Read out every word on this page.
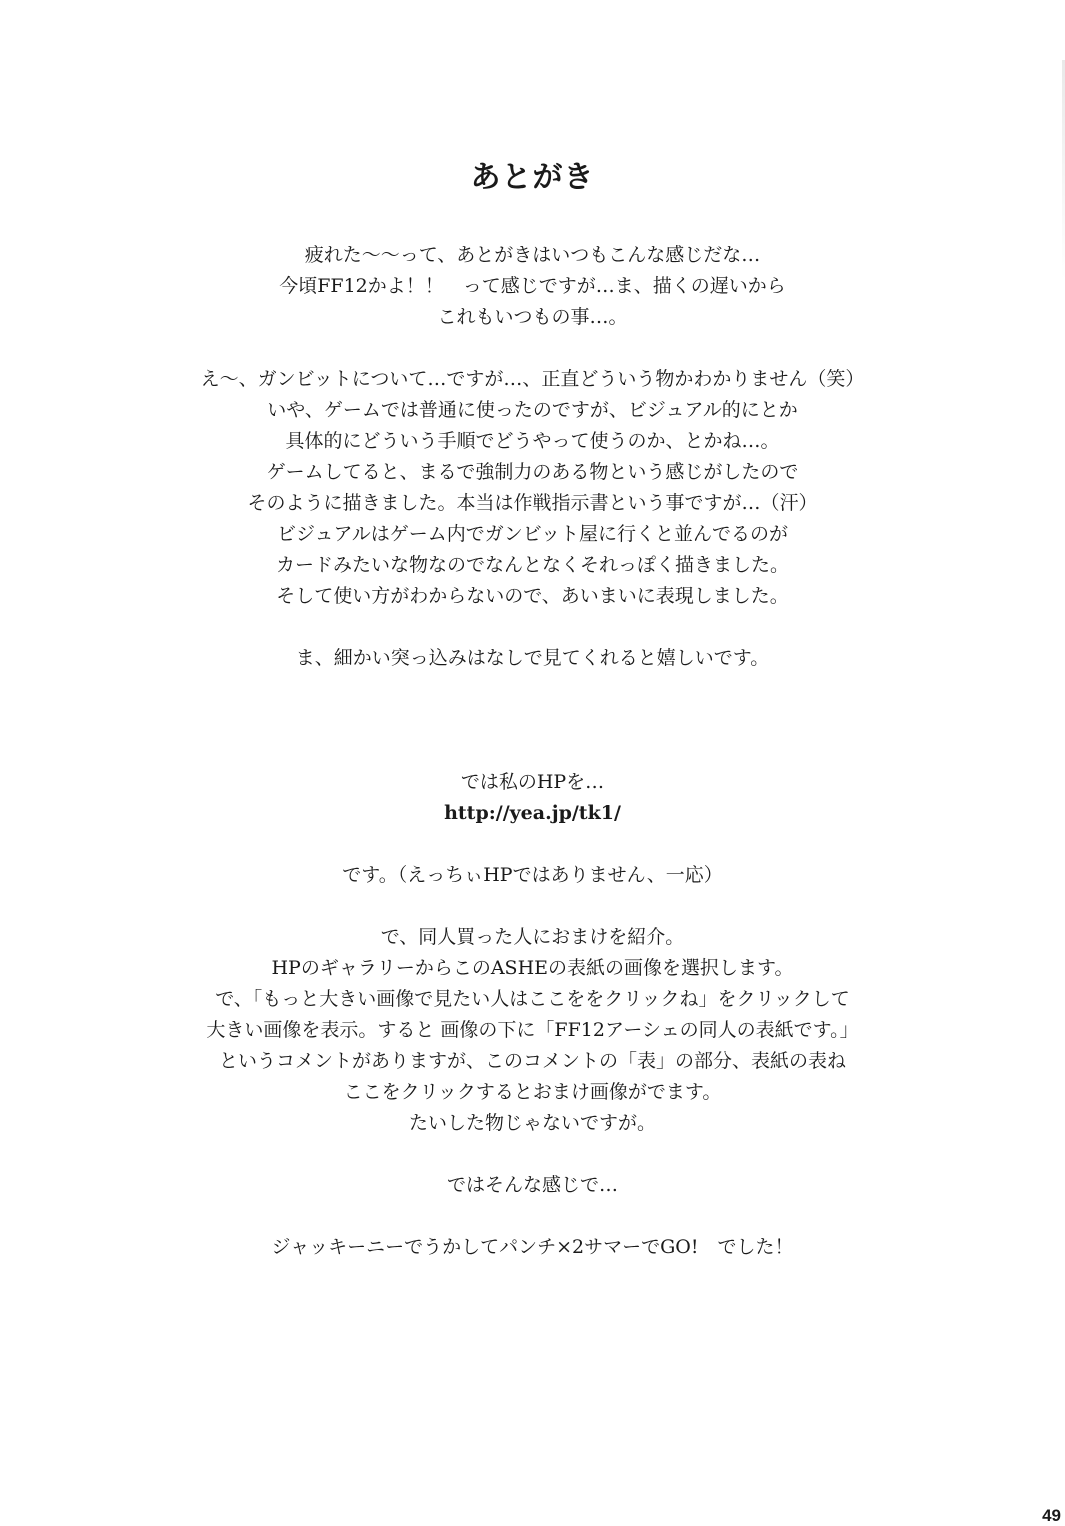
あとがき
疲れた〜〜って、あとがきはいつもこんな感じだな…
今頃FF12かよ！！　って感じですが…ま、描くの遅いから
これもいつもの事…。
え〜、ガンビットについて…ですが…、正直どういう物かわかりません（笑）
いや、ゲームでは普通に使ったのですが、ビジュアル的にとか
具体的にどういう手順でどうやって使うのか、とかね…。
ゲームしてると、まるで強制力のある物という感じがしたので
そのように描きました。本当は作戦指示書という事ですが…（汗）
ビジュアルはゲーム内でガンビット屋に行くと並んでるのが
カードみたいな物なのでなんとなくそれっぽく描きました。
そして使い方がわからないので、あいまいに表現しました。
ま、細かい突っ込みはなしで見てくれると嬉しいです。
では私のHPを…
http://yea.jp/tk1/
です。（えっちぃHPではありません、一応）
で、同人買った人におまけを紹介。
HPのギャラリーからこのASHEの表紙の画像を選択します。
で、「もっと大きい画像で見たい人はここををクリックね」をクリックして
大きい画像を表示。すると 画像の下に「FF12アーシェの同人の表紙です。」
というコメントがありますが、このコメントの「表」の部分、表紙の表ね
ここをクリックするとおまけ画像がでます。
たいした物じゃないですが。
ではそんな感じで…
ジャッキーニーでうかしてパンチ×2サマーでGO!　でした！
49
